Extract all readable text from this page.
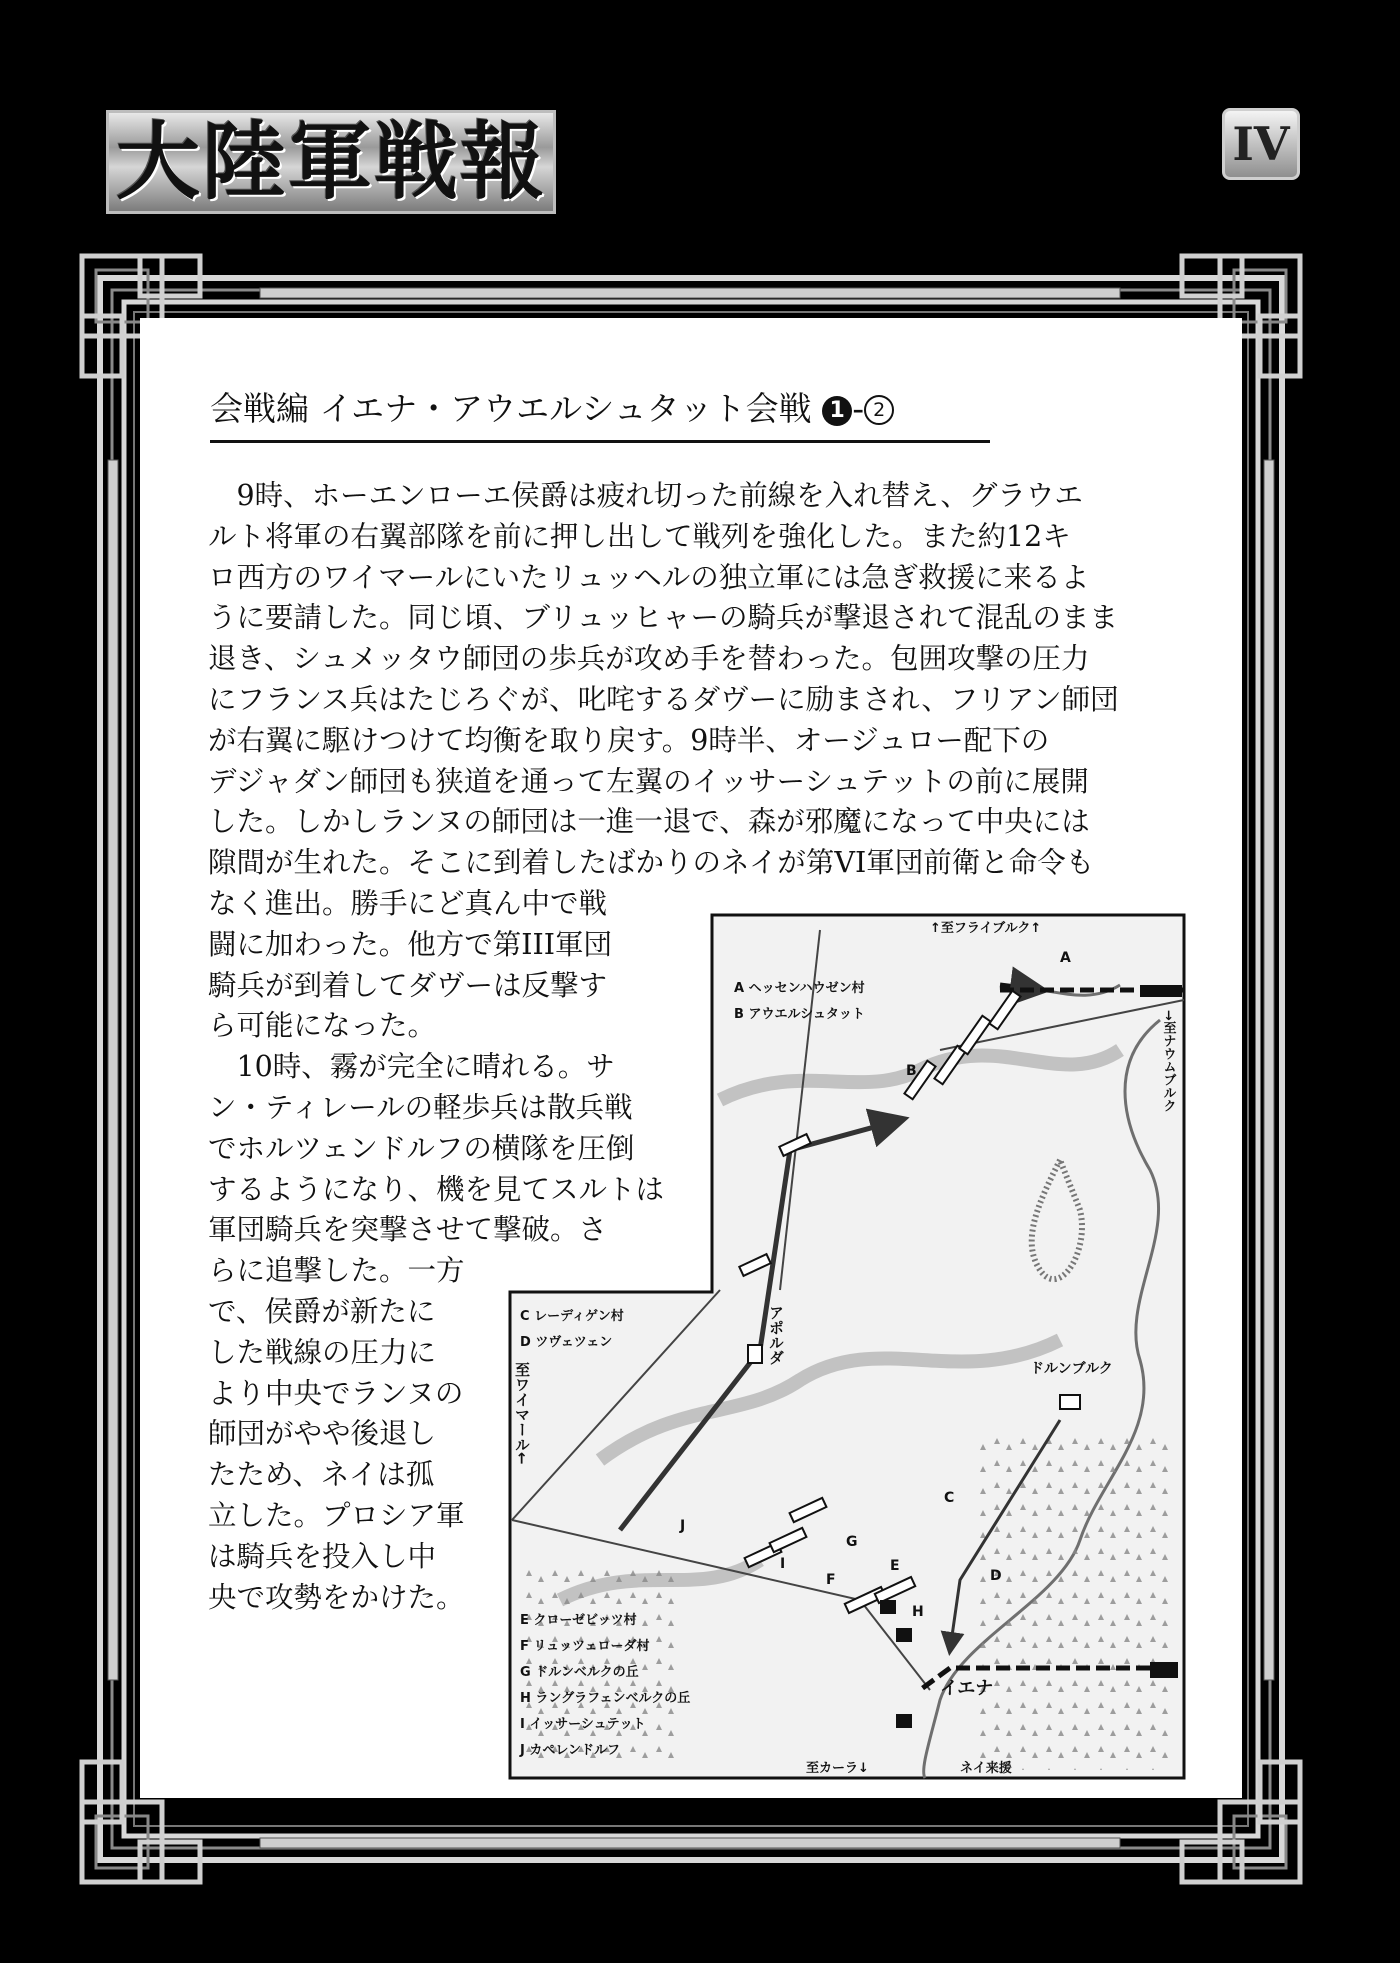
大陸軍戦報	IV
会戦編 イエナ・アウエルシュタット会戦 1 - 2
　9時、ホーエンローエ侯爵は疲れ切った前線を入れ替え、グラウエ
ルト将軍の右翼部隊を前に押し出して戦列を強化した。また約12キ
ロ西方のワイマールにいたリュッヘルの独立軍には急ぎ救援に来るよ
うに要請した。同じ頃、ブリュッヒャーの騎兵が撃退されて混乱のまま
退き、シュメッタウ師団の歩兵が攻め手を替わった。包囲攻撃の圧力
にフランス兵はたじろぐが、叱咤するダヴーに励まされ、フリアン師団
が右翼に駆けつけて均衡を取り戻す。9時半、オージュロー配下の
デジャダン師団も狭道を通って左翼のイッサーシュテットの前に展開
した。しかしランヌの師団は一進一退で、森が邪魔になって中央には
隙間が生れた。そこに到着したばかりのネイが第VI軍団前衛と命令も
なく進出。勝手にど真ん中で戦
闘に加わった。他方で第III軍団
騎兵が到着してダヴーは反撃す
ら可能になった。
　10時、霧が完全に晴れる。サ
ン・ティレールの軽歩兵は散兵戦
でホルツェンドルフの横隊を圧倒
するようになり、機を見てスルトは
軍団騎兵を突撃させて撃破。さ
らに追撃した。一方
で、侯爵が新たに
した戦線の圧力に
より中央でランヌの
師団がやや後退し
たため、ネイは孤
立した。プロシア軍
は騎兵を投入し中
央で攻勢をかけた。
↑至フライブルク↑
→至ナウムブルク
至ワイマール←
至カーラ↓	ネイ来援
アポルダ
ドルンブルク
イエナ
A ヘッセンハウゼン村
B アウエルシュタット
C レーディゲン村
D ツヴェツェン
E クローゼビッツ村
F リュッツェローダ村
G ドルンベルクの丘
H ラングラフェンベルクの丘
I イッサーシュテット
J カペレンドルフ
A
B
C
D
E
F
G
H
I
J
